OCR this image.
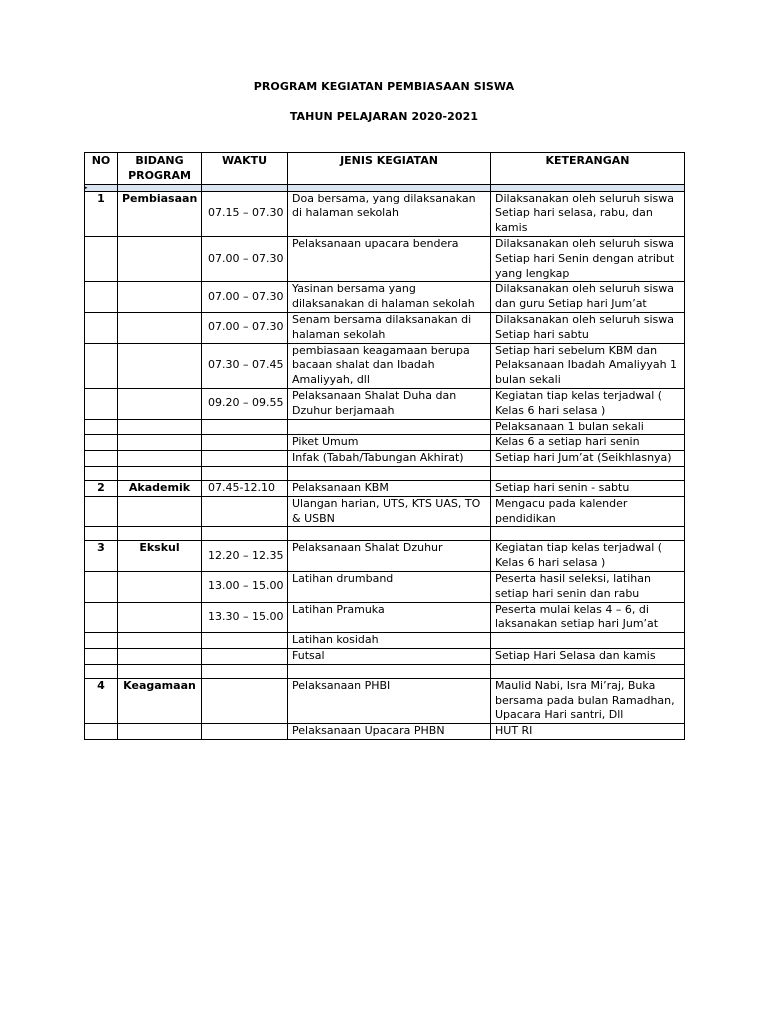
PROGRAM KEGIATAN PEMBIASAAN SISWA
TAHUN PELAJARAN 2020-2021
NO	BIDANG PROGRAM	WAKTU	JENIS KEGIATAN	KETERANGAN
▸				
1	Pembiasaan	07.15 – 07.30	Doa bersama, yang dilaksanakan di halaman sekolah	Dilaksanakan oleh seluruh siswa Setiap hari selasa, rabu, dan kamis
		07.00 – 07.30	Pelaksanaan upacara bendera	Dilaksanakan oleh seluruh siswa Setiap hari Senin dengan atribut yang lengkap
		07.00 – 07.30	Yasinan bersama yang dilaksanakan di halaman sekolah	Dilaksanakan oleh seluruh siswa dan guru Setiap hari Jum’at
		07.00 – 07.30	Senam bersama dilaksanakan di halaman sekolah	Dilaksanakan oleh seluruh siswa Setiap hari sabtu
		07.30 – 07.45	pembiasaan keagamaan berupa bacaan shalat dan Ibadah Amaliyyah, dll	Setiap hari sebelum KBM dan Pelaksanaan Ibadah Amaliyyah 1 bulan sekali
		09.20 – 09.55	Pelaksanaan Shalat Duha dan Dzuhur berjamaah	Kegiatan tiap kelas terjadwal ( Kelas 6 hari selasa )
				Pelaksanaan 1 bulan sekali
			Piket Umum	Kelas 6 a setiap hari senin
			Infak (Tabah/Tabungan Akhirat)	Setiap hari Jum’at (Seikhlasnya)

2	Akademik	07.45-12.10	Pelaksanaan KBM	Setiap hari senin - sabtu
			Ulangan harian, UTS, KTS UAS, TO & USBN	Mengacu pada kalender pendidikan

3	Ekskul	12.20 – 12.35	Pelaksanaan Shalat Dzuhur	Kegiatan tiap kelas terjadwal ( Kelas 6 hari selasa )
		13.00 – 15.00	Latihan drumband	Peserta hasil seleksi, latihan setiap hari senin dan rabu
		13.30 – 15.00	Latihan Pramuka	Peserta mulai kelas 4 – 6, di laksanakan setiap hari Jum’at
			Latihan kosidah	
			Futsal	Setiap Hari Selasa dan kamis

4	Keagamaan		Pelaksanaan PHBI	Maulid Nabi, Isra Mi’raj, Buka bersama pada bulan Ramadhan, Upacara Hari santri, Dll
			Pelaksanaan Upacara PHBN	HUT RI
